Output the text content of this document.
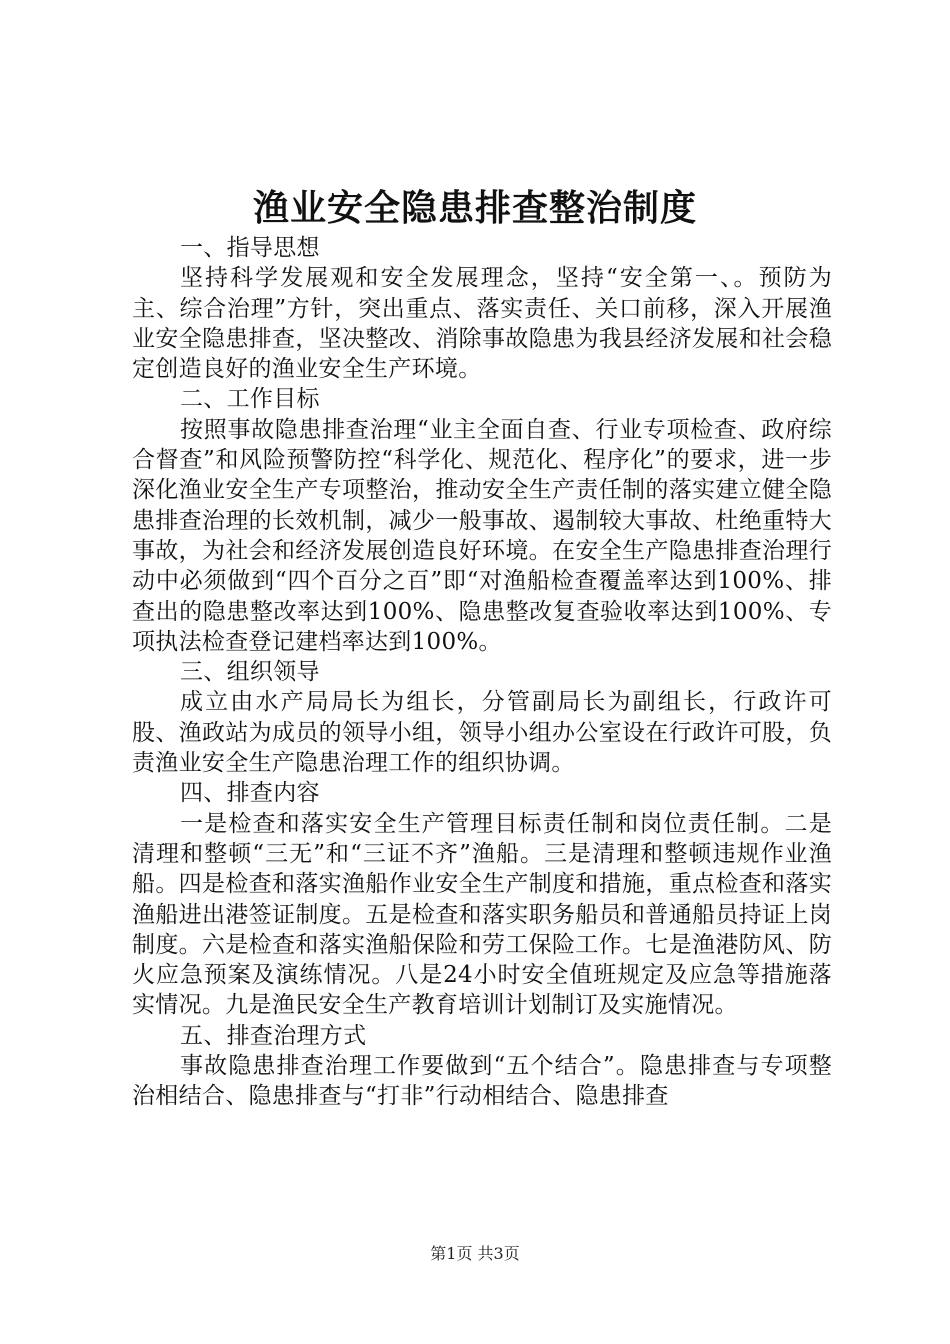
渔业安全隐患排查整治制度

一、指导思想

坚持科学发展观和安全发展理念，坚持“安全第一、。预防为主、综合治理”方针，突出重点、落实责任、关口前移，深入开展渔业安全隐患排查，坚决整改、消除事故隐患为我县经济发展和社会稳定创造良好的渔业安全生产环境。

二、工作目标

按照事故隐患排查治理“业主全面自查、行业专项检查、政府综合督查”和风险预警防控“科学化、规范化、程序化”的要求，进一步深化渔业安全生产专项整治，推动安全生产责任制的落实建立健全隐患排查治理的长效机制，减少一般事故、遏制较大事故、杜绝重特大事故，为社会和经济发展创造良好环境。在安全生产隐患排查治理行动中必须做到“四个百分之百”即“对渔船检查覆盖率达到100%、排查出的隐患整改率达到100%、隐患整改复查验收率达到100%、专项执法检查登记建档率达到100%。

三、组织领导

成立由水产局局长为组长，分管副局长为副组长，行政许可股、渔政站为成员的领导小组，领导小组办公室设在行政许可股，负责渔业安全生产隐患治理工作的组织协调。

四、排查内容

一是检查和落实安全生产管理目标责任制和岗位责任制。二是清理和整顿“三无”和“三证不齐”渔船。三是清理和整顿违规作业渔船。四是检查和落实渔船作业安全生产制度和措施，重点检查和落实渔船进出港签证制度。五是检查和落实职务船员和普通船员持证上岗制度。六是检查和落实渔船保险和劳工保险工作。七是渔港防风、防火应急预案及演练情况。八是24小时安全值班规定及应急等措施落实情况。九是渔民安全生产教育培训计划制订及实施情况。

五、排查治理方式

事故隐患排查治理工作要做到“五个结合”。隐患排查与专项整治相结合、隐患排查与“打非”行动相结合、隐患排查

第1页 共3页
